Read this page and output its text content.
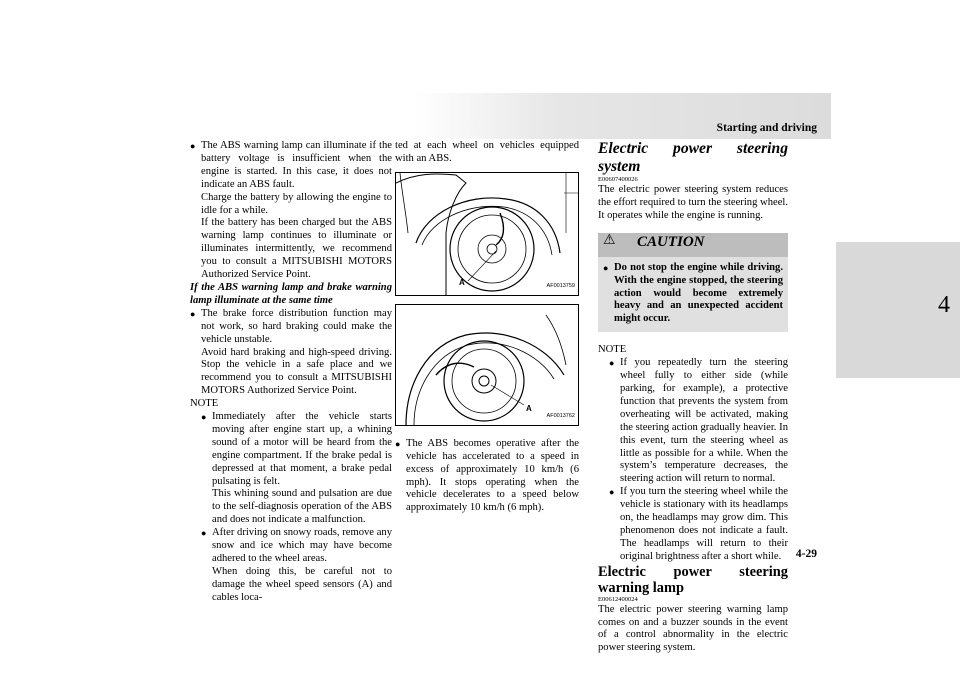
Starting and driving
4
4-29
● The ABS warning lamp can illuminate if the battery voltage is insufficient when the engine is started. In this case, it does not indicate an ABS fault.

Charge the battery by allowing the engine to idle for a while.

If the battery has been charged but the ABS warning lamp continues to illuminate or illuminates intermittently, we recommend you to consult a MITSUBISHI MOTORS Authorized Service Point.

If the ABS warning lamp and brake warning lamp illuminate at the same time

● The brake force distribution function may not work, so hard braking could make the vehicle unstable.

Avoid hard braking and high-speed driving. Stop the vehicle in a safe place and we recommend you to consult a MITSUBISHI MOTORS Authorized Service Point.

NOTE

● Immediately after the vehicle starts moving after engine start up, a whining sound of a motor will be heard from the engine compartment. If the brake pedal is depressed at that moment, a brake pedal pulsating is felt.

This whining sound and pulsation are due to the self-diagnosis operation of the ABS and does not indicate a malfunction.

● After driving on snowy roads, remove any snow and ice which may have become adhered to the wheel areas.

When doing this, be careful not to damage the wheel speed sensors (A) and cables loca-

ted at each wheel on vehicles equipped with an ABS.

A	AF0013759
A
AF0013762
● The ABS becomes operative after the vehicle has accelerated to a speed in excess of approximately 10 km/h (6 mph). It stops operating when the vehicle decelerates to a speed below approximately 10 km/h (6 mph).

Electric power steering system

E00607400026

The electric power steering system reduces the effort required to turn the steering wheel. It operates while the engine is running.

⚠ CAUTION
● Do not stop the engine while driving. With the engine stopped, the steering action would become extremely heavy and an unexpected accident might occur.

NOTE

● If you repeatedly turn the steering wheel fully to either side (while parking, for example), a protective function that prevents the system from overheating will be activated, making the steering action gradually heavier. In this event, turn the steering wheel as little as possible for a while. When the system’s temperature decreases, the steering action will return to normal.

● If you turn the steering wheel while the vehicle is stationary with its headlamps on, the headlamps may grow dim. This phenomenon does not indicate a fault. The headlamps will return to their original brightness after a short while.

Electric power steering warning lamp

E00612400024

The electric power steering warning lamp comes on and a buzzer sounds in the event of a control abnormality in the electric power steering system.
